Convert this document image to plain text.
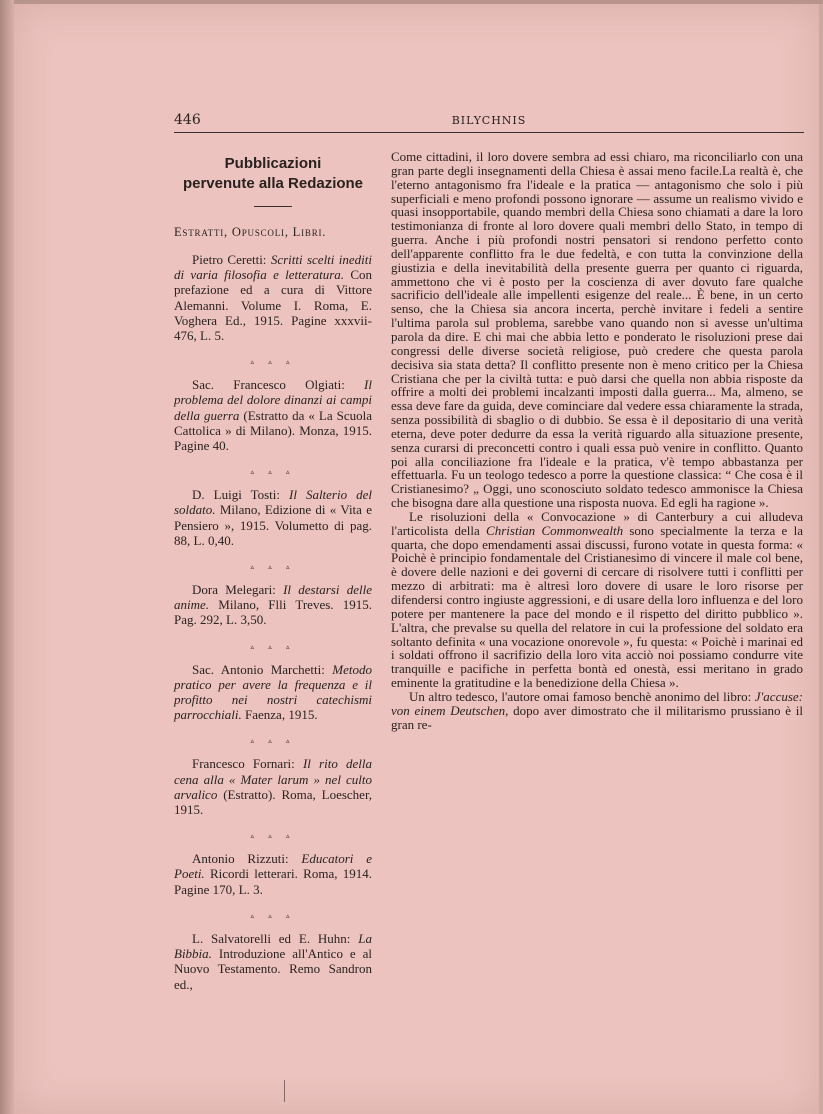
446	BILYCHNIS
Pubblicazioni
pervenute alla Redazione
Estratti, Opuscoli, Libri.

Pietro Ceretti: Scritti scelti inediti di varia filosofia e letteratura. Con prefazione ed a cura di Vittore Alemanni. Volume I. Roma, E. Voghera Ed., 1915. Pagine xxxvii-476, L. 5.

▵ ▵ ▵

Sac. Francesco Olgiati: Il problema del dolore dinanzi ai campi della guerra (Estratto da « La Scuola Cattolica » di Milano). Monza, 1915. Pagine 40.

▵ ▵ ▵

D. Luigi Tosti: Il Salterio del soldato. Milano, Edizione di « Vita e Pensiero », 1915. Volumetto di pag. 88, L. 0,40.

▵ ▵ ▵

Dora Melegari: Il destarsi delle anime. Milano, Flli Treves. 1915. Pag. 292, L. 3,50.

▵ ▵ ▵

Sac. Antonio Marchetti: Metodo pratico per avere la frequenza e il profitto nei nostri catechismi parrocchiali. Faenza, 1915.

▵ ▵ ▵

Francesco Fornari: Il rito della cena alla « Mater larum » nel culto arvalico (Estratto). Roma, Loescher, 1915.

▵ ▵ ▵

Antonio Rizzuti: Educatori e Poeti. Ricordi letterari. Roma, 1914. Pagine 170, L. 3.

▵ ▵ ▵

L. Salvatorelli ed E. Huhn: La Bibbia. Introduzione all'Antico e al Nuovo Testamento. Remo Sandron ed.,

Come cittadini, il loro dovere sembra ad essi chiaro, ma riconciliarlo con una gran parte degli insegnamenti della Chiesa è assai meno facile.La realtà è, che l'eterno antagonismo fra l'ideale e la pratica — antagonismo che solo i più superficiali e meno profondi possono ignorare — assume un realismo vivido e quasi insopportabile, quando membri della Chiesa sono chiamati a dare la loro testimonianza di fronte al loro dovere quali membri dello Stato, in tempo di guerra. Anche i più profondi nostri pensatori si rendono perfetto conto dell'apparente conflitto fra le due fedeltà, e con tutta la convinzione della giustizia e della inevitabilità della presente guerra per quanto ci riguarda, ammettono che vi è posto per la coscienza di aver dovuto fare qualche sacrificio dell'ideale alle impellenti esigenze del reale... È bene, in un certo senso, che la Chiesa sia ancora incerta, perchè invitare i fedeli a sentire l'ultima parola sul problema, sarebbe vano quando non si avesse un'ultima parola da dire. E chi mai che abbia letto e ponderato le risoluzioni prese dai congressi delle diverse società religiose, può credere che questa parola decisiva sia stata detta? Il conflitto presente non è meno critico per la Chiesa Cristiana che per la civiltà tutta: e può darsi che quella non abbia risposte da offrire a molti dei problemi incalzanti imposti dalla guerra... Ma, almeno, se essa deve fare da guida, deve cominciare dal vedere essa chiaramente la strada, senza possibilità di sbaglio o di dubbio. Se essa è il depositario di una verità eterna, deve poter dedurre da essa la verità riguardo alla situazione presente, senza curarsi di preconcetti contro i quali essa può venire in conflitto. Quanto poi alla conciliazione fra l'ideale e la pratica, v'è tempo abbastanza per effettuarla. Fu un teologo tedesco a porre la questione classica: “ Che cosa è il Cristianesimo? „ Oggi, uno sconosciuto soldato tedesco ammonisce la Chiesa che bisogna dare alla questione una risposta nuova. Ed egli ha ragione ».

Le risoluzioni della « Convocazione » di Canterbury a cui alludeva l'articolista della Christian Commonwealth sono specialmente la terza e la quarta, che dopo emendamenti assai discussi, furono votate in questa forma: « Poichè è principio fondamentale del Cristianesimo di vincere il male col bene, è dovere delle nazioni e dei governi di cercare di risolvere tutti i conflitti per mezzo di arbitrati: ma è altresì loro dovere di usare le loro risorse per difendersi contro ingiuste aggressioni, e di usare della loro influenza e del loro potere per mantenere la pace del mondo e il rispetto del diritto pubblico ». L'altra, che prevalse su quella del relatore in cui la professione del soldato era soltanto definita « una vocazione onorevole », fu questa: « Poichè i marinai ed i soldati offrono il sacrifizio della loro vita acciò noi possiamo condurre vite tranquille e pacifiche in perfetta bontà ed onestà, essi meritano in grado eminente la gratitudine e la benedizione della Chiesa ».

Un altro tedesco, l'autore omai famoso benchè anonimo del libro: J'accuse: von einem Deutschen, dopo aver dimostrato che il militarismo prussiano è il gran re-
